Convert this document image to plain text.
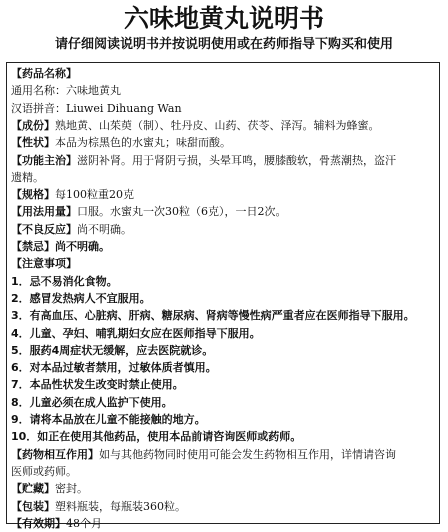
六味地黄丸说明书
请仔细阅读说明书并按说明使用或在药师指导下购买和使用
【药品名称】
通用名称：六味地黄丸
汉语拼音：Liuwei Dihuang Wan
【成份】熟地黄、山茱萸（制）、牡丹皮、山药、茯苓、泽泻。辅料为蜂蜜。
【性状】本品为棕黑色的水蜜丸；味甜而酸。
【功能主治】滋阴补肾。用于肾阴亏损，头晕耳鸣，腰膝酸软，骨蒸潮热，盗汗
遗精。
【规格】每100粒重20克
【用法用量】口服。水蜜丸一次30粒（6克），一日2次。
【不良反应】尚不明确。
【禁忌】尚不明确。
【注意事项】
1．忌不易消化食物。
2．感冒发热病人不宜服用。
3．有高血压、心脏病、肝病、糖尿病、肾病等慢性病严重者应在医师指导下服用。
4．儿童、孕妇、哺乳期妇女应在医师指导下服用。
5．服药4周症状无缓解，应去医院就诊。
6．对本品过敏者禁用，过敏体质者慎用。
7．本品性状发生改变时禁止使用。
8．儿童必须在成人监护下使用。
9．请将本品放在儿童不能接触的地方。
10．如正在使用其他药品，使用本品前请咨询医师或药师。
【药物相互作用】如与其他药物同时使用可能会发生药物相互作用，详情请咨询
医师或药师。
【贮藏】密封。
【包装】塑料瓶装，每瓶装360粒。
【有效期】48个月
